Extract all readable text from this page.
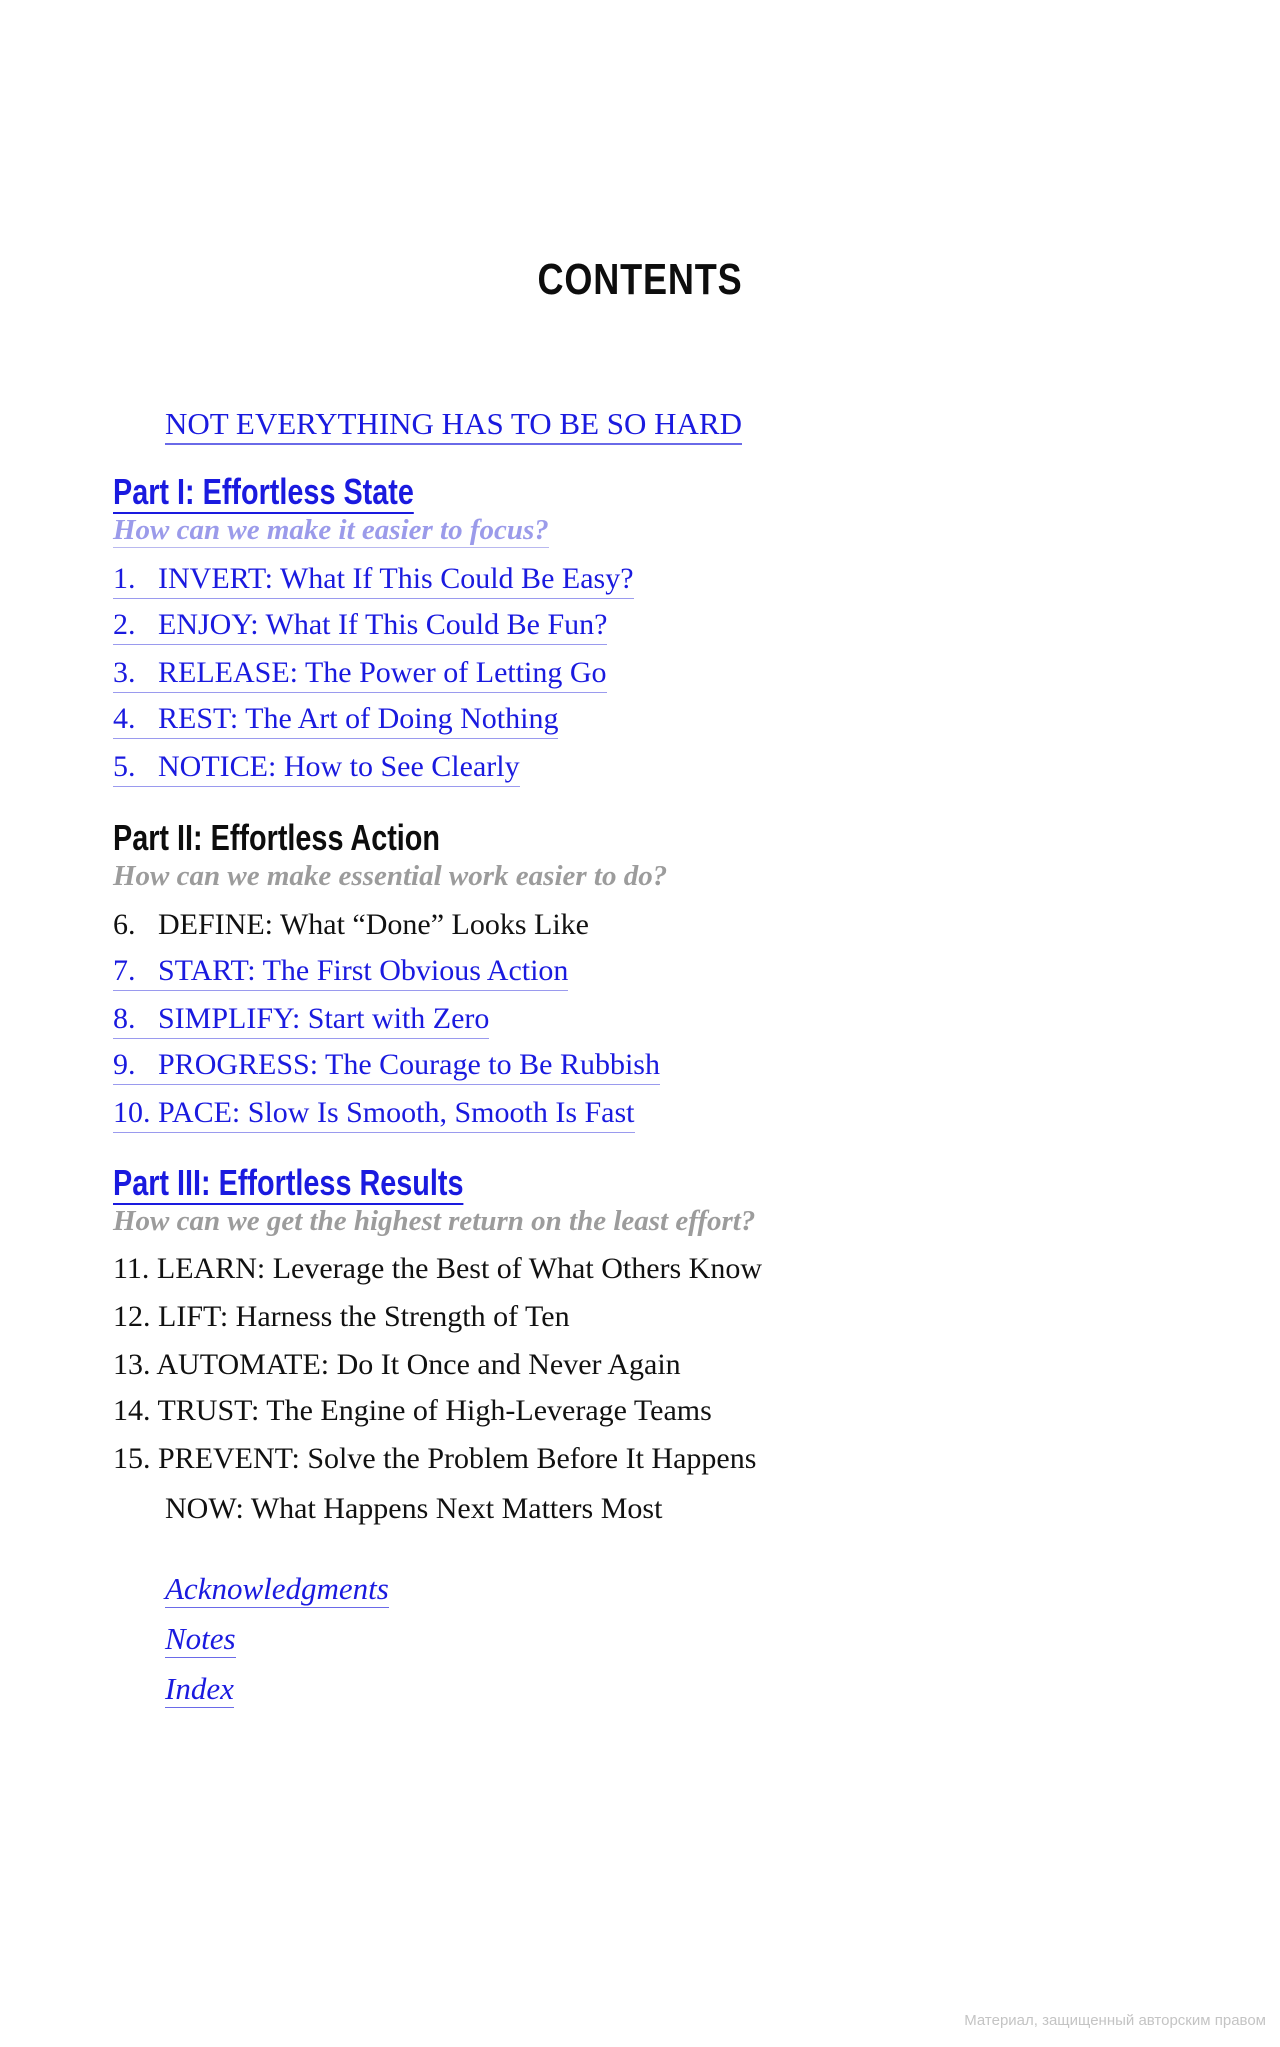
CONTENTS
NOT EVERYTHING HAS TO BE SO HARD
Part I: Effortless State
How can we make it easier to focus?
1. INVERT: What If This Could Be Easy?
2. ENJOY: What If This Could Be Fun?
3. RELEASE: The Power of Letting Go
4. REST: The Art of Doing Nothing
5. NOTICE: How to See Clearly
Part II: Effortless Action
How can we make essential work easier to do?
6. DEFINE: What “Done” Looks Like
7. START: The First Obvious Action
8. SIMPLIFY: Start with Zero
9. PROGRESS: The Courage to Be Rubbish
10. PACE: Slow Is Smooth, Smooth Is Fast
Part III: Effortless Results
How can we get the highest return on the least effort?
11. LEARN: Leverage the Best of What Others Know
12. LIFT: Harness the Strength of Ten
13. AUTOMATE: Do It Once and Never Again
14. TRUST: The Engine of High-Leverage Teams
15. PREVENT: Solve the Problem Before It Happens
NOW: What Happens Next Matters Most
Acknowledgments
Notes
Index
Материал, защищенный авторским правом
